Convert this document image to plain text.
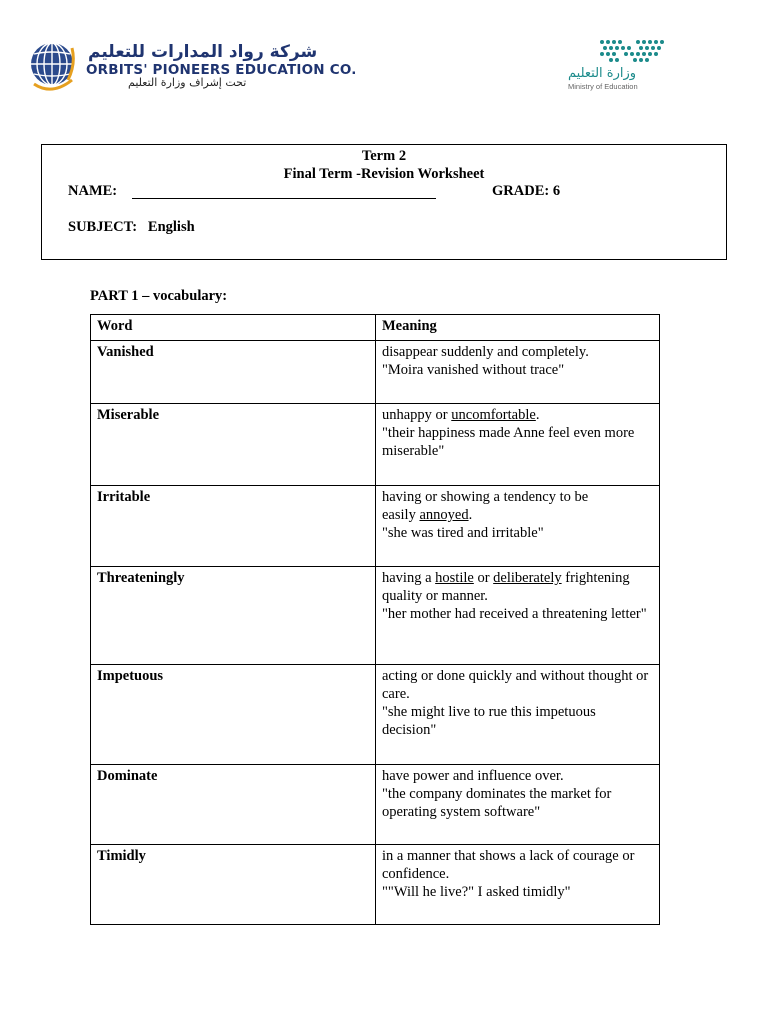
شركة رواد المدارات للتعليم
ORBITS' PIONEERS EDUCATION CO.
تحت إشراف وزارة التعليم
وزارة التعليم
Ministry of Education
Term 2
Final Term -Revision Worksheet
NAME:	GRADE: 6
SUBJECT:   English
PART 1 – vocabulary:
Word	Meaning
Vanished	disappear suddenly and completely.
"Moira vanished without trace"

Miserable	unhappy or uncomfortable.
"their happiness made Anne feel even more miserable"

Irritable	having or showing a tendency to be
easily annoyed.
"she was tired and irritable"

Threateningly	having a hostile or deliberately frightening quality or manner.
"her mother had received a threatening letter"

Impetuous	acting or done quickly and without thought or care.
"she might live to rue this impetuous decision"

Dominate	have power and influence over.
"the company dominates the market for operating system software"

Timidly	in a manner that shows a lack of courage or confidence.
""Will he live?" I asked timidly"
